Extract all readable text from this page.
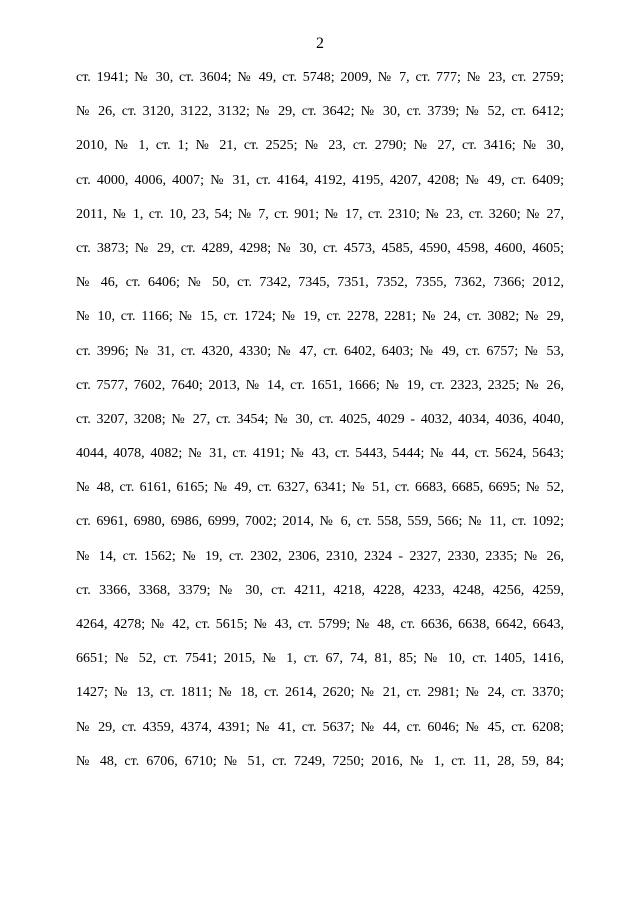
2
ст. 1941; № 30, ст. 3604; № 49, ст. 5748; 2009, № 7, ст. 777; № 23, ст. 2759;
№ 26, ст. 3120, 3122, 3132; № 29, ст. 3642; № 30, ст. 3739; № 52, ст. 6412;
2010, № 1, ст. 1; № 21, ст. 2525; № 23, ст. 2790; № 27, ст. 3416; № 30,
ст. 4000, 4006, 4007; № 31, ст. 4164, 4192, 4195, 4207, 4208; № 49, ст. 6409;
2011, № 1, ст. 10, 23, 54; № 7, ст. 901; № 17, ст. 2310; № 23, ст. 3260; № 27,
ст. 3873; № 29, ст. 4289, 4298; № 30, ст. 4573, 4585, 4590, 4598, 4600, 4605;
№ 46, ст. 6406; № 50, ст. 7342, 7345, 7351, 7352, 7355, 7362, 7366; 2012,
№ 10, ст. 1166; № 15, ст. 1724; № 19, ст. 2278, 2281; № 24, ст. 3082; № 29,
ст. 3996; № 31, ст. 4320, 4330; № 47, ст. 6402, 6403; № 49, ст. 6757; № 53,
ст. 7577, 7602, 7640; 2013, № 14, ст. 1651, 1666; № 19, ст. 2323, 2325; № 26,
ст. 3207, 3208; № 27, ст. 3454; № 30, ст. 4025, 4029 - 4032, 4034, 4036, 4040,
4044, 4078, 4082; № 31, ст. 4191; № 43, ст. 5443, 5444; № 44, ст. 5624, 5643;
№ 48, ст. 6161, 6165; № 49, ст. 6327, 6341; № 51, ст. 6683, 6685, 6695; № 52,
ст. 6961, 6980, 6986, 6999, 7002; 2014, № 6, ст. 558, 559, 566; № 11, ст. 1092;
№ 14, ст. 1562; № 19, ст. 2302, 2306, 2310, 2324 - 2327, 2330, 2335; № 26,
ст. 3366, 3368, 3379; № 30, ст. 4211, 4218, 4228, 4233, 4248, 4256, 4259,
4264, 4278; № 42, ст. 5615; № 43, ст. 5799; № 48, ст. 6636, 6638, 6642, 6643,
6651; № 52, ст. 7541; 2015, № 1, ст. 67, 74, 81, 85; № 10, ст. 1405, 1416,
1427; № 13, ст. 1811; № 18, ст. 2614, 2620; № 21, ст. 2981; № 24, ст. 3370;
№ 29, ст. 4359, 4374, 4391; № 41, ст. 5637; № 44, ст. 6046; № 45, ст. 6208;
№ 48, ст. 6706, 6710; № 51, ст. 7249, 7250; 2016, № 1, ст. 11, 28, 59, 84;
